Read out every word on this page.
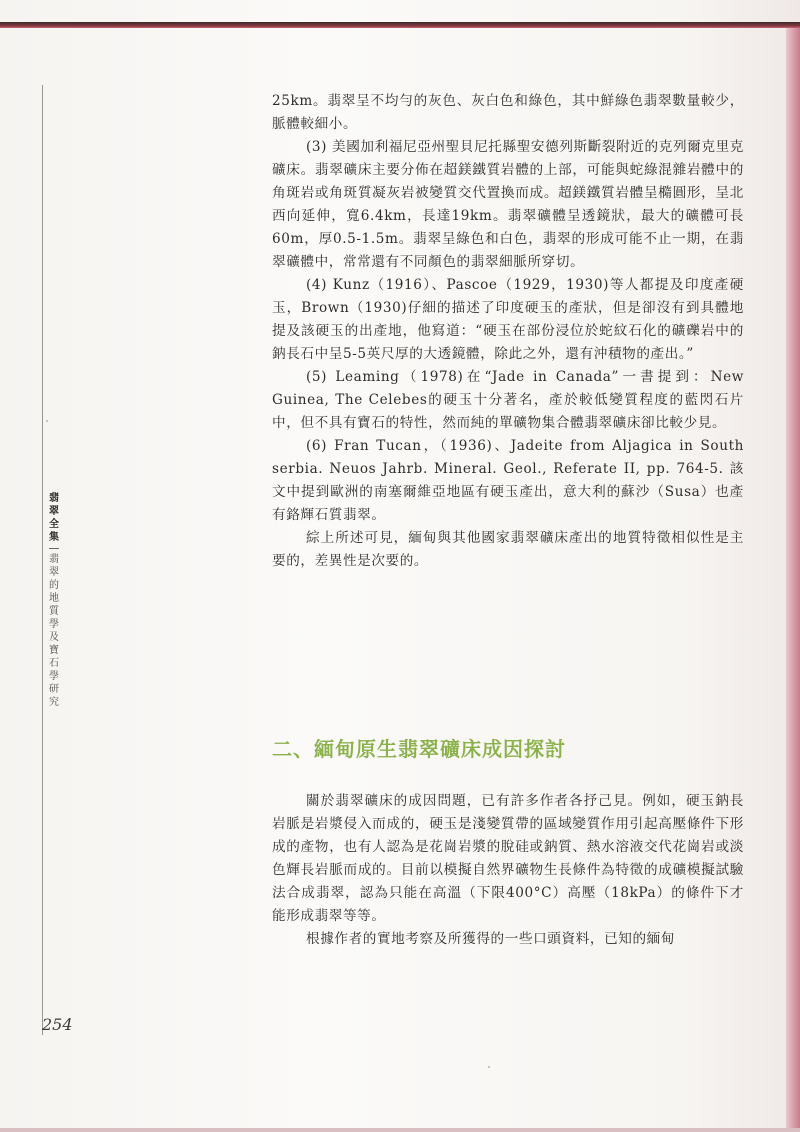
翡
翠
全
集
翡
翠
的
地
質
學
及
寶
石
學
研
究

25km。翡翠呈不均勻的灰色、灰白色和綠色，其中鮮綠色翡翠數量較少，脈體較細小。

(3) 美國加利福尼亞州聖貝尼托縣聖安德列斯斷裂附近的克列爾克里克礦床。翡翠礦床主要分佈在超鎂鐵質岩體的上部，可能與蛇綠混雜岩體中的角斑岩或角斑質凝灰岩被變質交代置換而成。超鎂鐵質岩體呈橢圓形，呈北西向延伸，寬6.4km，長達19km。翡翠礦體呈透鏡狀，最大的礦體可長60m，厚0.5-1.5m。翡翠呈綠色和白色，翡翠的形成可能不止一期，在翡翠礦體中，常常還有不同顏色的翡翠細脈所穿切。

(4) Kunz（1916）、Pascoe（1929，1930)等人都提及印度產硬玉，Brown（1930)仔細的描述了印度硬玉的產狀，但是卻沒有到具體地提及該硬玉的出產地，他寫道：“硬玉在部份浸位於蛇紋石化的礦礫岩中的鈉長石中呈5-5英尺厚的大透鏡體，除此之外，還有沖積物的產出。”

(5) Leaming（1978)在“Jade in Canada”一書提到：New Guinea, The Celebes的硬玉十分著名，產於較低變質程度的藍閃石片中，但不具有寶石的特性，然而純的單礦物集合體翡翠礦床卻比較少見。

(6) Fran Tucan，（1936)、Jadeite from Aljagica in South serbia. Neuos Jahrb. Mineral. Geol., Referate II, pp. 764-5. 該文中提到歐洲的南塞爾維亞地區有硬玉產出，意大利的蘇沙（Susa）也產有鉻輝石質翡翠。

綜上所述可見，緬甸與其他國家翡翠礦床產出的地質特徵相似性是主要的，差異性是次要的。

二、緬甸原生翡翠礦床成因探討

關於翡翠礦床的成因問題，已有許多作者各抒己見。例如，硬玉鈉長岩脈是岩漿侵入而成的，硬玉是淺變質帶的區域變質作用引起高壓條件下形成的產物，也有人認為是花崗岩漿的脫硅或鈉質、熱水溶液交代花崗岩或淡色輝長岩脈而成的。目前以模擬自然界礦物生長條件為特徵的成礦模擬試驗法合成翡翠，認為只能在高溫（下限400°C）高壓（18kPa）的條件下才能形成翡翠等等。

根據作者的實地考察及所獲得的一些口頭資料，已知的緬甸

254
